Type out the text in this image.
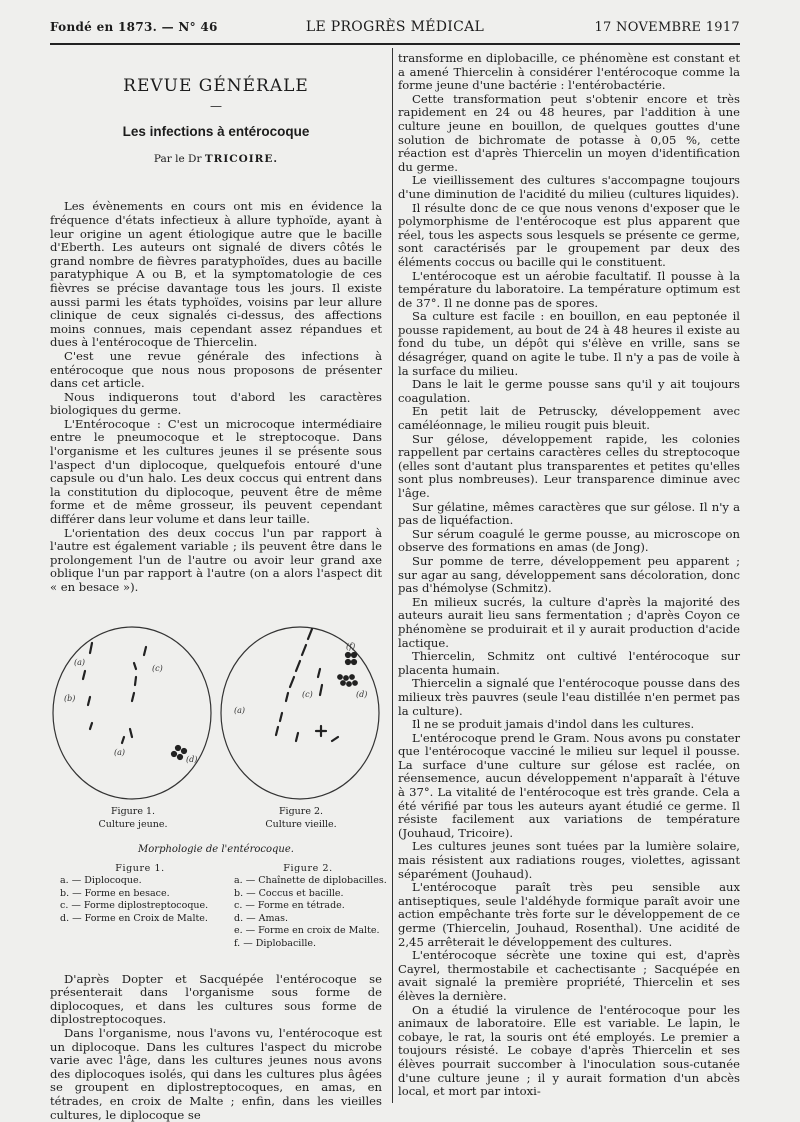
Fondé en 1873. — N° 46	LE PROGRÈS MÉDICAL	17 NOVEMBRE 1917
REVUE GÉNÉRALE
—
Les infections à entérocoque
Par le Dr TRICOIRE.

Les évènements en cours ont mis en évidence la fréquence d'états infectieux à allure typhoïde, ayant à leur origine un agent étiologique autre que le bacille d'Eberth. Les auteurs ont signalé de divers côtés le grand nombre de fièvres paratyphoïdes, dues au bacille paratyphique A ou B, et la symptomatologie de ces fièvres se précise davantage tous les jours. Il existe aussi parmi les états typhoïdes, voisins par leur allure clinique de ceux signalés ci-dessus, des affections moins connues, mais cependant assez répandues et dues à l'entérocoque de Thiercelin.

C'est une revue générale des infections à entérocoque que nous nous proposons de présenter dans cet article.

Nous indiquerons tout d'abord les caractères biologiques du germe.

L'Entérocoque : C'est un microcoque intermédiaire entre le pneumocoque et le streptocoque. Dans l'organisme et les cultures jeunes il se présente sous l'aspect d'un diplocoque, quelquefois entouré d'une capsule ou d'un halo. Les deux coccus qui entrent dans la constitution du diplocoque, peuvent être de même forme et de même grosseur, ils peuvent cependant différer dans leur volume et dans leur taille.

L'orientation des deux coccus l'un par rapport à l'autre est également variable ; ils peuvent être dans le prolongement l'un de l'autre ou avoir leur grand axe oblique l'un par rapport à l'autre (on a alors l'aspect dit « en besace »).

(a)
(b)
(c)
(d)
(a)
(f)
(c)
(a)
(d)
Figure 1.
Culture jeune.
Figure 2.
Culture vieille.
Morphologie de l'entérocoque.
Figure 1.
a. — Diplocoque.
b. — Forme en besace.
c. — Forme diplostreptocoque.
d. — Forme en Croix de Malte.
Figure 2.
a. — Chaînette de diplobacilles.
b. — Coccus et bacille.
c. — Forme en tétrade.
d. — Amas.
e. — Forme en croix de Malte.
f. — Diplobacille.

D'après Dopter et Sacquépée l'entérocoque se présenterait dans l'organisme sous forme de diplocoques, et dans les cultures sous forme de diplostreptocoques.

Dans l'organisme, nous l'avons vu, l'entérocoque est un diplocoque. Dans les cultures l'aspect du microbe varie avec l'âge, dans les cultures jeunes nous avons des diplocoques isolés, qui dans les cultures plus âgées se groupent en diplostreptocoques, en amas, en tétrades, en croix de Malte ; enfin, dans les vieilles cultures, le diplocoque se

transforme en diplobacille, ce phénomène est constant et a amené Thiercelin à considérer l'entérocoque comme la forme jeune d'une bactérie : l'entérobactérie.

Cette transformation peut s'obtenir encore et très rapidement en 24 ou 48 heures, par l'addition à une culture jeune en bouillon, de quelques gouttes d'une solution de bichromate de potasse à 0,05 %, cette réaction est d'après Thiercelin un moyen d'identification du germe.

Le vieillissement des cultures s'accompagne toujours d'une diminution de l'acidité du milieu (cultures liquides).

Il résulte donc de ce que nous venons d'exposer que le polymorphisme de l'entérocoque est plus apparent que réel, tous les aspects sous lesquels se présente ce germe, sont caractérisés par le groupement par deux des éléments coccus ou bacille qui le constituent.

L'entérocoque est un aérobie facultatif. Il pousse à la température du laboratoire. La température optimum est de 37°. Il ne donne pas de spores.

Sa culture est facile : en bouillon, en eau peptonée il pousse rapidement, au bout de 24 à 48 heures il existe au fond du tube, un dépôt qui s'élève en vrille, sans se désagréger, quand on agite le tube. Il n'y a pas de voile à la surface du milieu.

Dans le lait le germe pousse sans qu'il y ait toujours coagulation.

En petit lait de Petruscky, développement avec caméléonnage, le milieu rougit puis bleuit.

Sur gélose, développement rapide, les colonies rappellent par certains caractères celles du streptocoque (elles sont d'autant plus transparentes et petites qu'elles sont plus nombreuses). Leur transparence diminue avec l'âge.

Sur gélatine, mêmes caractères que sur gélose. Il n'y a pas de liquéfaction.

Sur sérum coagulé le germe pousse, au microscope on observe des formations en amas (de Jong).

Sur pomme de terre, développement peu apparent ; sur agar au sang, développement sans décoloration, donc pas d'hémolyse (Schmitz).

En milieux sucrés, la culture d'après la majorité des auteurs aurait lieu sans fermentation ; d'après Coyon ce phénomène se produirait et il y aurait production d'acide lactique.

Thiercelin, Schmitz ont cultivé l'entérocoque sur placenta humain.

Thiercelin a signalé que l'entérocoque pousse dans des milieux très pauvres (seule l'eau distillée n'en permet pas la culture).

Il ne se produit jamais d'indol dans les cultures.

L'entérocoque prend le Gram. Nous avons pu constater que l'entérocoque vacciné le milieu sur lequel il pousse. La surface d'une culture sur gélose est raclée, on réensemence, aucun développement n'apparaît à l'étuve à 37°. La vitalité de l'entérocoque est très grande. Cela a été vérifié par tous les auteurs ayant étudié ce germe. Il résiste facilement aux variations de température (Jouhaud, Tricoire).

Les cultures jeunes sont tuées par la lumière solaire, mais résistent aux radiations rouges, violettes, agissant séparément (Jouhaud).

L'entérocoque paraît très peu sensible aux antiseptiques, seule l'aldéhyde formique paraît avoir une action empêchante très forte sur le développement de ce germe (Thiercelin, Jouhaud, Rosenthal). Une acidité de 2,45 arrêterait le développement des cultures.

L'entérocoque sécrète une toxine qui est, d'après Cayrel, thermostabile et cachectisante ; Sacquépée en avait signalé la première propriété, Thiercelin et ses élèves la dernière.

On a étudié la virulence de l'entérocoque pour les animaux de laboratoire. Elle est variable. Le lapin, le cobaye, le rat, la souris ont été employés. Le premier a toujours résisté. Le cobaye d'après Thiercelin et ses élèves pourrait succomber à l'inoculation sous-cutanée d'une culture jeune ; il y aurait formation d'un abcès local, et mort par intoxi-
